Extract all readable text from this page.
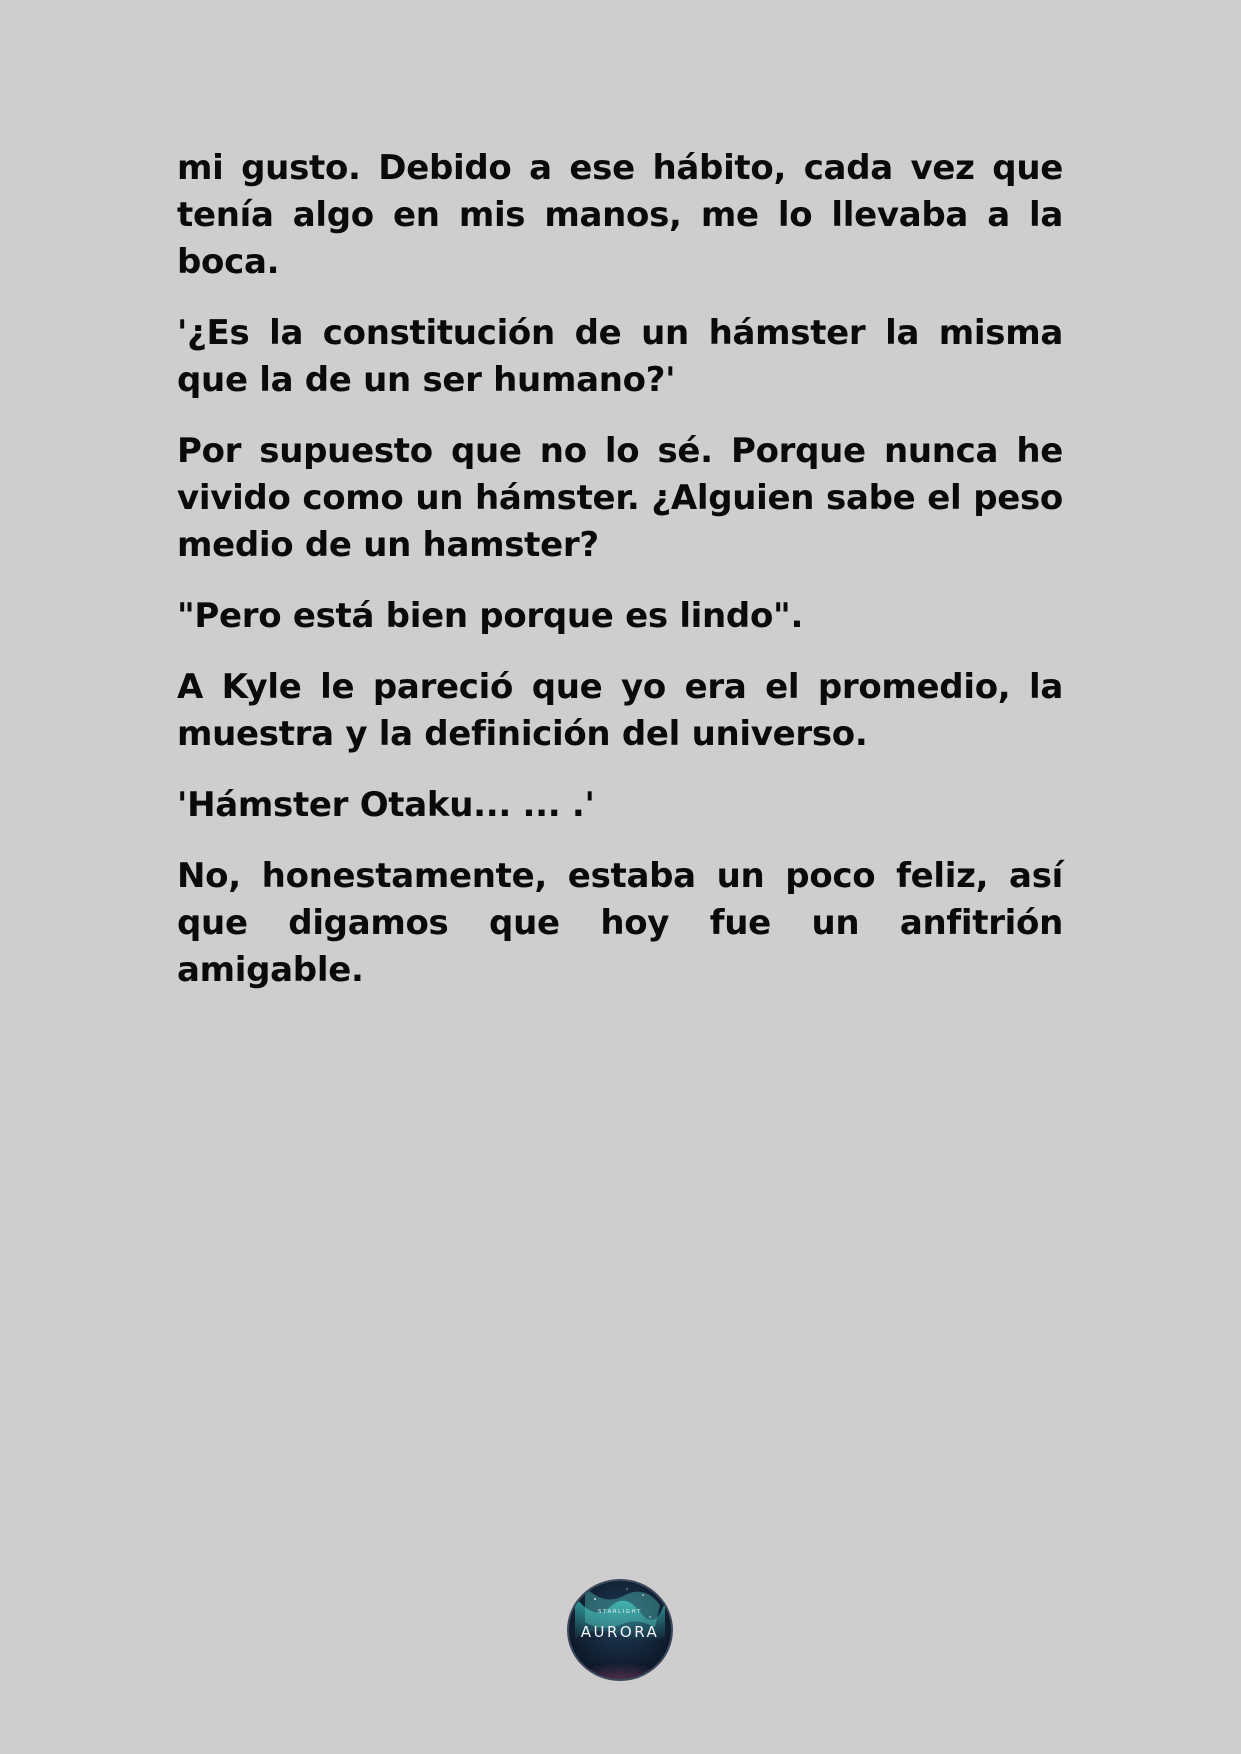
mi gusto. Debido a ese hábito, cada vez que tenía algo en mis manos, me lo llevaba a la boca.

'¿Es la constitución de un hámster la misma que la de un ser humano?'

Por supuesto que no lo sé. Porque nunca he vivido como un hámster. ¿Alguien sabe el peso medio de un hamster?

"Pero está bien porque es lindo".

A Kyle le pareció que yo era el promedio, la muestra y la definición del universo.

'Hámster Otaku... ... .'

No, honestamente, estaba un poco feliz, así que digamos que hoy fue un anfitrión amigable.

STARLIGHT
AURORA
